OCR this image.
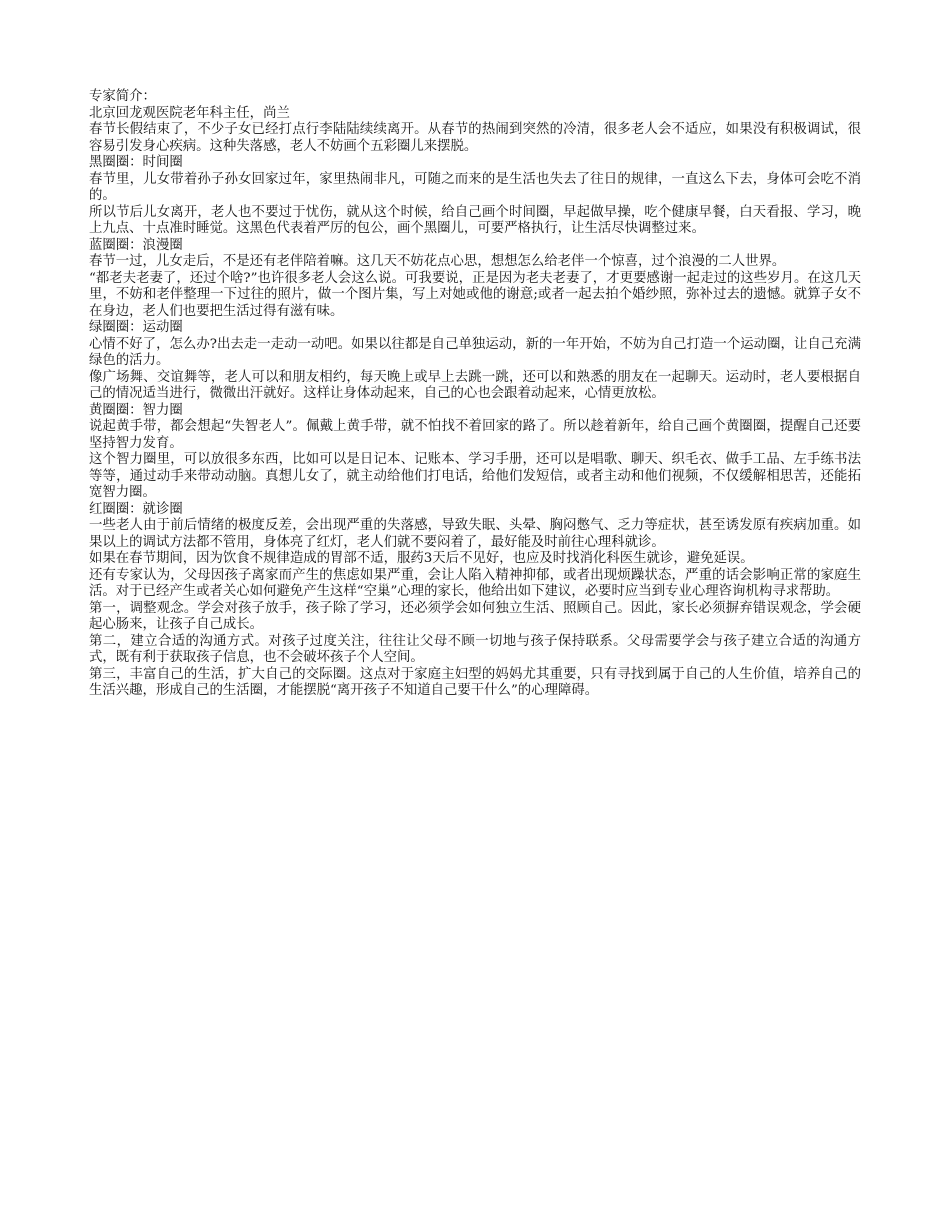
专家简介：

北京回龙观医院老年科主任，尚兰

春节长假结束了，不少子女已经打点行李陆陆续续离开。从春节的热闹到突然的冷清，很多老人会不适应，如果没有积极调试，很容易引发身心疾病。这种失落感，老人不妨画个五彩圈儿来摆脱。

黑圈圈：时间圈

春节里，儿女带着孙子孙女回家过年，家里热闹非凡，可随之而来的是生活也失去了往日的规律，一直这么下去，身体可会吃不消的。

所以节后儿女离开，老人也不要过于忧伤，就从这个时候，给自己画个时间圈，早起做早操，吃个健康早餐，白天看报、学习，晚上九点、十点准时睡觉。这黑色代表着严厉的包公，画个黑圈儿，可要严格执行，让生活尽快调整过来。

蓝圈圈：浪漫圈

春节一过，儿女走后，不是还有老伴陪着嘛。这几天不妨花点心思，想想怎么给老伴一个惊喜，过个浪漫的二人世界。

“都老夫老妻了，还过个啥?”也许很多老人会这么说。可我要说，正是因为老夫老妻了，才更要感谢一起走过的这些岁月。在这几天里，不妨和老伴整理一下过往的照片，做一个图片集，写上对她或他的谢意;或者一起去拍个婚纱照，弥补过去的遗憾。就算子女不在身边，老人们也要把生活过得有滋有味。

绿圈圈：运动圈

心情不好了，怎么办?出去走一走动一动吧。如果以往都是自己单独运动，新的一年开始，不妨为自己打造一个运动圈，让自己充满绿色的活力。

像广场舞、交谊舞等，老人可以和朋友相约，每天晚上或早上去跳一跳，还可以和熟悉的朋友在一起聊天。运动时，老人要根据自己的情况适当进行，微微出汗就好。这样让身体动起来，自己的心也会跟着动起来，心情更放松。

黄圈圈：智力圈

说起黄手带，都会想起“失智老人”。佩戴上黄手带，就不怕找不着回家的路了。所以趁着新年，给自己画个黄圈圈，提醒自己还要坚持智力发育。

这个智力圈里，可以放很多东西，比如可以是日记本、记账本、学习手册，还可以是唱歌、聊天、织毛衣、做手工品、左手练书法等等，通过动手来带动动脑。真想儿女了，就主动给他们打电话，给他们发短信，或者主动和他们视频，不仅缓解相思苦，还能拓宽智力圈。

红圈圈：就诊圈

一些老人由于前后情绪的极度反差，会出现严重的失落感，导致失眠、头晕、胸闷憋气、乏力等症状，甚至诱发原有疾病加重。如果以上的调试方法都不管用，身体亮了红灯，老人们就不要闷着了，最好能及时前往心理科就诊。

如果在春节期间，因为饮食不规律造成的胃部不适，服药3天后不见好，也应及时找消化科医生就诊，避免延误。

还有专家认为，父母因孩子离家而产生的焦虑如果严重，会让人陷入精神抑郁，或者出现烦躁状态，严重的话会影响正常的家庭生活。对于已经产生或者关心如何避免产生这样“空巢”心理的家长，他给出如下建议，必要时应当到专业心理咨询机构寻求帮助。

第一，调整观念。学会对孩子放手，孩子除了学习，还必须学会如何独立生活、照顾自己。因此，家长必须摒弃错误观念，学会硬起心肠来，让孩子自己成长。

第二，建立合适的沟通方式。对孩子过度关注，往往让父母不顾一切地与孩子保持联系。父母需要学会与孩子建立合适的沟通方式，既有利于获取孩子信息，也不会破坏孩子个人空间。

第三，丰富自己的生活，扩大自己的交际圈。这点对于家庭主妇型的妈妈尤其重要，只有寻找到属于自己的人生价值，培养自己的生活兴趣，形成自己的生活圈，才能摆脱“离开孩子不知道自己要干什么”的心理障碍。
